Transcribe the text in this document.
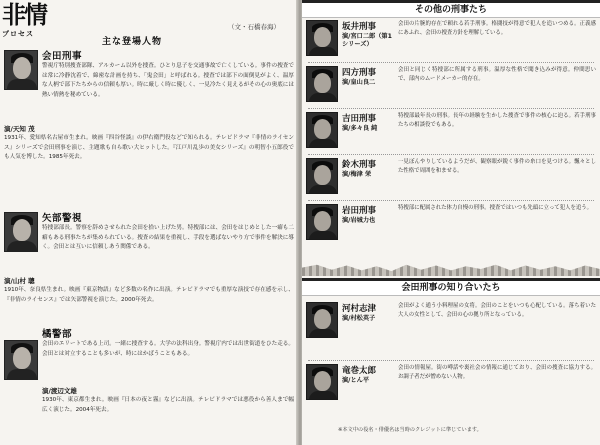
非情
プロセス
（文・石橋春海）
主な登場人物
会田刑事
警視庁特別捜査部隊、アルカーム以外を捜査。ひとり息子を交通事故で亡くしている。事件の捜査では常に冷静沈着で、綿密な計画を持ち、「鬼会田」と呼ばれる。捜査では部下の面倒見がよく、温厚な人柄で部下たちからの信頼も厚い。時に厳しく時に優しく、一見冷たく見えるがその心の奥底には熱い情熱を秘めている。
演/天知 茂
1931年、愛知県名古屋市生まれ。映画『四谷怪談』の伊右衛門役などで知られる。テレビドラマ『非情のライセンス』シリーズで会田刑事を演じ、主題歌も自ら歌い大ヒットした。『江戸川乱歩の美女シリーズ』の明智小五郎役でも人気を博した。1985年死去。
矢部警視
特捜部部長。警察を辞めさせられた会田を拾い上げた男。特捜部には、会田をはじめとした一癖も二癖もある刑事たちが集められている。捜査の結果を重視し、手段を選ばないやり方で事件を解決に導く。会田とは互いに信頼しあう関係である。
演/山村 聰
1910年、奈良県生まれ。映画『東京物語』など多数の名作に出演。テレビドラマでも重厚な演技で存在感を示し、『非情のライセンス』では矢部警視を演じた。2000年死去。
橘警部
会田のエリートである上司。一緒に捜査する。大学の法科出身。警視庁内では出世街道をひた走る。会田とは対立することも多いが、時にはかばうこともある。
演/渡辺文雄
1930年、東京都生まれ。映画『日本の夜と霧』などに出演。テレビドラマでは悪役から善人まで幅広く演じた。2004年死去。
その他の刑事たち
坂井刑事
演/宮口二郎（第1シリーズ）
会田の片腕的存在で頼れる若手刑事。格闘技が得意で犯人を追いつめる。正義感にあふれ、会田の捜査方針を理解している。
四方刑事
演/皇山良二
会田と同じく特捜部に所属する刑事。温厚な性格で聞き込みが得意。仲間思いで、部内のムードメーカー的存在。
吉田刑事
演/多々良 純
特捜部最年長の刑事。長年の経験を生かした捜査で事件の核心に迫る。若手刑事たちの相談役でもある。
鈴木刑事
演/梅津 栄
一見ぼんやりしているようだが、観察眼が鋭く事件の糸口を見つける。飄々とした性格で周囲を和ませる。
岩田刑事
演/岩城力也
特捜部に配属された体力自慢の刑事。捜査ではいつも先頭に立って犯人を追う。
会田刑事の知り合いたち
河村志津
演/村松英子
会田がよく通う小料理屋の女将。会田のことをいつも心配している。落ち着いた大人の女性として、会田の心の拠り所となっている。
竜巻太郎
演/とん平
会田の情報屋。街の噂話や裏社会の情報に通じており、会田の捜査に協力する。お調子者だが憎めない人物。
※本文中の役名・俳優名は当時のクレジットに準じています。
